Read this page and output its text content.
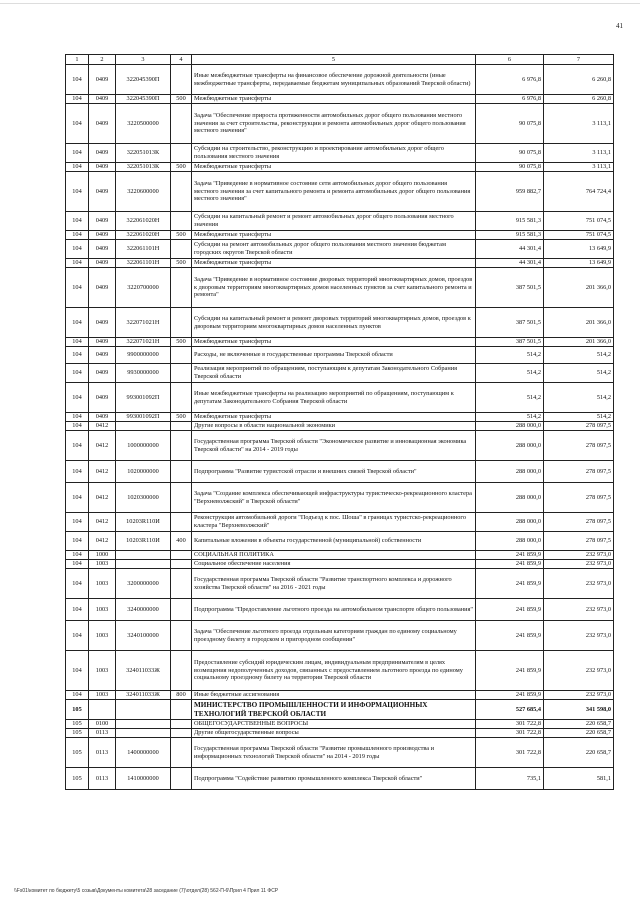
41
1	2	3	4	5	6	7
104	0409	322045390П		Иные межбюджетные трансферты на финансовое обеспечение дорожной деятельности (иные межбюджетные трансферты, передаваемые бюджетам муниципальных образований Тверской области)	6 976,8	6 260,8
104	0409	322045390П	500	Межбюджетные трансферты	6 976,8	6 260,8
104	0409	3220500000		Задача "Обеспечение прироста протяженности автомобильных дорог общего пользования местного значения за счет строительства, реконструкции и ремонта автомобильных дорог общего пользования местного значения"	90 075,8	3 113,1
104	0409	322051013К		Субсидии на строительство, реконструкцию и проектирование автомобильных дорог общего пользования местного значения	90 075,8	3 113,1
104	0409	322051013К	500	Межбюджетные трансферты	90 075,8	3 113,1
104	0409	3220600000		Задача "Приведение в нормативное состояние сети автомобильных дорог общего пользования местного значения за счет капитального ремонта и ремонта автомобильных дорог общего пользования местного значения"	959 882,7	764 724,4
104	0409	322061020Н		Субсидии на капитальный ремонт и ремонт автомобильных дорог общего пользования местного значения	915 581,3	751 074,5
104	0409	322061020Н	500	Межбюджетные трансферты	915 581,3	751 074,5
104	0409	322061101Н		Субсидии на ремонт автомобильных дорог общего пользования местного значения бюджетам городских округов Тверской области	44 301,4	13 649,9
104	0409	322061101Н	500	Межбюджетные трансферты	44 301,4	13 649,9
104	0409	3220700000		Задача "Приведение в нормативное состояние дворовых территорий многоквартирных домов, проездов к дворовым территориям многоквартирных домов населенных пунктов за счет капитального ремонта и ремонта"	387 501,5	201 366,0
104	0409	322071021Н		Субсидии на капитальный ремонт и ремонт дворовых территорий многоквартирных домов, проездов к дворовым территориям многоквартирных домов населенных пунктов	387 501,5	201 366,0
104	0409	322071021Н	500	Межбюджетные трансферты	387 501,5	201 366,0
104	0409	9900000000		Расходы, не включенные в государственные программы Тверской области	514,2	514,2
104	0409	9930000000		Реализация мероприятий по обращениям, поступающим к депутатам Законодательного Собрания Тверской области	514,2	514,2
104	0409	993001092П		Иные межбюджетные трансферты на реализацию мероприятий по обращениям, поступающим к депутатам Законодательного Собрания Тверской области	514,2	514,2
104	0409	993001092П	500	Межбюджетные трансферты	514,2	514,2
104	0412			Другие вопросы в области национальной экономики	288 000,0	278 097,5
104	0412	1000000000		Государственная программа Тверской области "Экономическое развитие и инновационная экономика Тверской области" на 2014 - 2019 годы	288 000,0	278 097,5
104	0412	1020000000		Подпрограмма "Развитие туристской отрасли и внешних связей Тверской области"	288 000,0	278 097,5
104	0412	1020300000		Задача "Создание комплекса обеспечивающей инфраструктуры туристическо-рекреационного кластера "Верхневолжский" в Тверской области"	288 000,0	278 097,5
104	0412	10203R110И		Реконструкция автомобильной дороги "Подъезд к пос. Шоша" в границах туристско-рекреационного кластера "Верхневолжский"	288 000,0	278 097,5
104	0412	10203R110И	400	Капитальные вложения в объекты государственной (муниципальной) собственности	288 000,0	278 097,5
104	1000			СОЦИАЛЬНАЯ ПОЛИТИКА	241 859,9	232 973,0
104	1003			Социальное обеспечение населения	241 859,9	232 973,0
104	1003	3200000000		Государственная программа Тверской области "Развитие транспортного комплекса и дорожного хозяйства Тверской области" на 2016 - 2021 годы	241 859,9	232 973,0
104	1003	3240000000		Подпрограмма "Предоставление льготного проезда на автомобильном транспорте общего пользования"	241 859,9	232 973,0
104	1003	3240100000		Задача "Обеспечение льготного проезда отдельным категориям граждан по единому социальному проездному билету в городском и пригородном сообщении"	241 859,9	232 973,0
104	1003	324011033Ж		Предоставление субсидий юридическим лицам, индивидуальным предпринимателям в целях возмещения недополученных доходов, связанных с предоставлением льготного проезда по единому социальному проездному билету на территории Тверской области	241 859,9	232 973,0
104	1003	324011033Ж	800	Иные бюджетные ассигнования	241 859,9	232 973,0
105				МИНИСТЕРСТВО ПРОМЫШЛЕННОСТИ И ИНФОРМАЦИОННЫХ ТЕХНОЛОГИЙ ТВЕРСКОЙ ОБЛАСТИ	527 685,4	341 598,0
105	0100			ОБЩЕГОСУДАРСТВЕННЫЕ ВОПРОСЫ	301 722,8	220 658,7
105	0113			Другие общегосударственные вопросы	301 722,8	220 658,7
105	0113	1400000000		Государственная программа Тверской области "Развитие промышленного производства и информационных технологий Тверской области" на 2014 - 2019 годы	301 722,8	220 658,7
105	0113	1410000000		Подпрограмма "Содействие развитию промышленного комплекса Тверской области"	735,1	581,1
\\Fs01\комитет по бюджету\5 созыв\Документы комитета\28 заседание (7)\отдел(28) 562-П-6\Прил 4 Прил 11 ФСР
